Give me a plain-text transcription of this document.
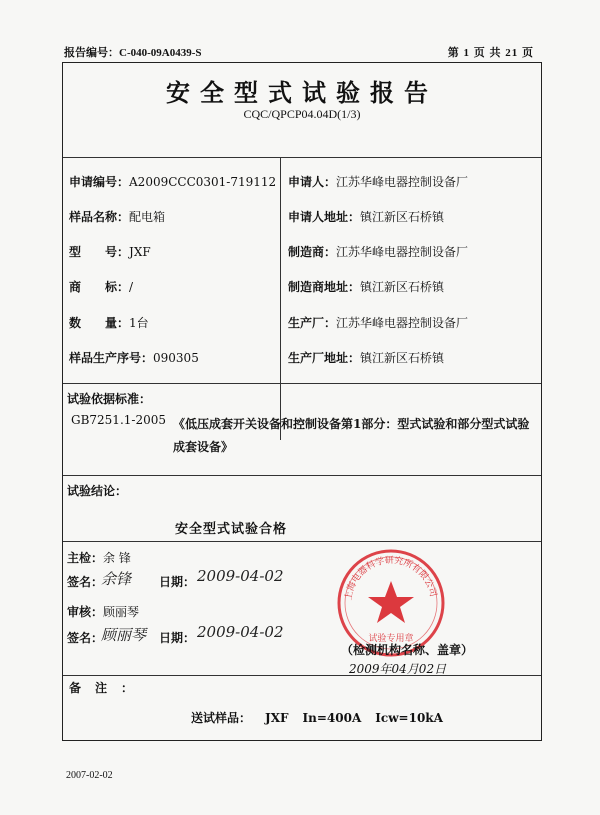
报告编号：C-040-09A0439-S	第 1 页 共 21 页
安全型式试验报告
CQC/QPCP04.04D(1/3)
申请编号：A2009CCC0301-719112
样品名称：配电箱
型　　号：JXF
商　　标：/
数　　量：1台
样品生产序号：090305
申请人：江苏华峰电器控制设备厂
申请人地址：镇江新区石桥镇
制造商：江苏华峰电器控制设备厂
制造商地址：镇江新区石桥镇
生产厂：江苏华峰电器控制设备厂
生产厂地址：镇江新区石桥镇
试验依据标准：
GB7251.1-2005 《低压成套开关设备和控制设备第1部分：型式试验和部分型式试验成套设备》
试验结论：
安全型式试验合格
主检：余 锋
签名：
余锋 日期： 2009-04-02
审核：顾丽琴
签名：
顾丽琴 日期： 2009-04-02
上海电器科学研究所有限公司
试验专用章
（检测机构名称、盖章）
2009年04月02日
备注：
送试样品： JXF In=400A Icw=10kA
2007-02-02
